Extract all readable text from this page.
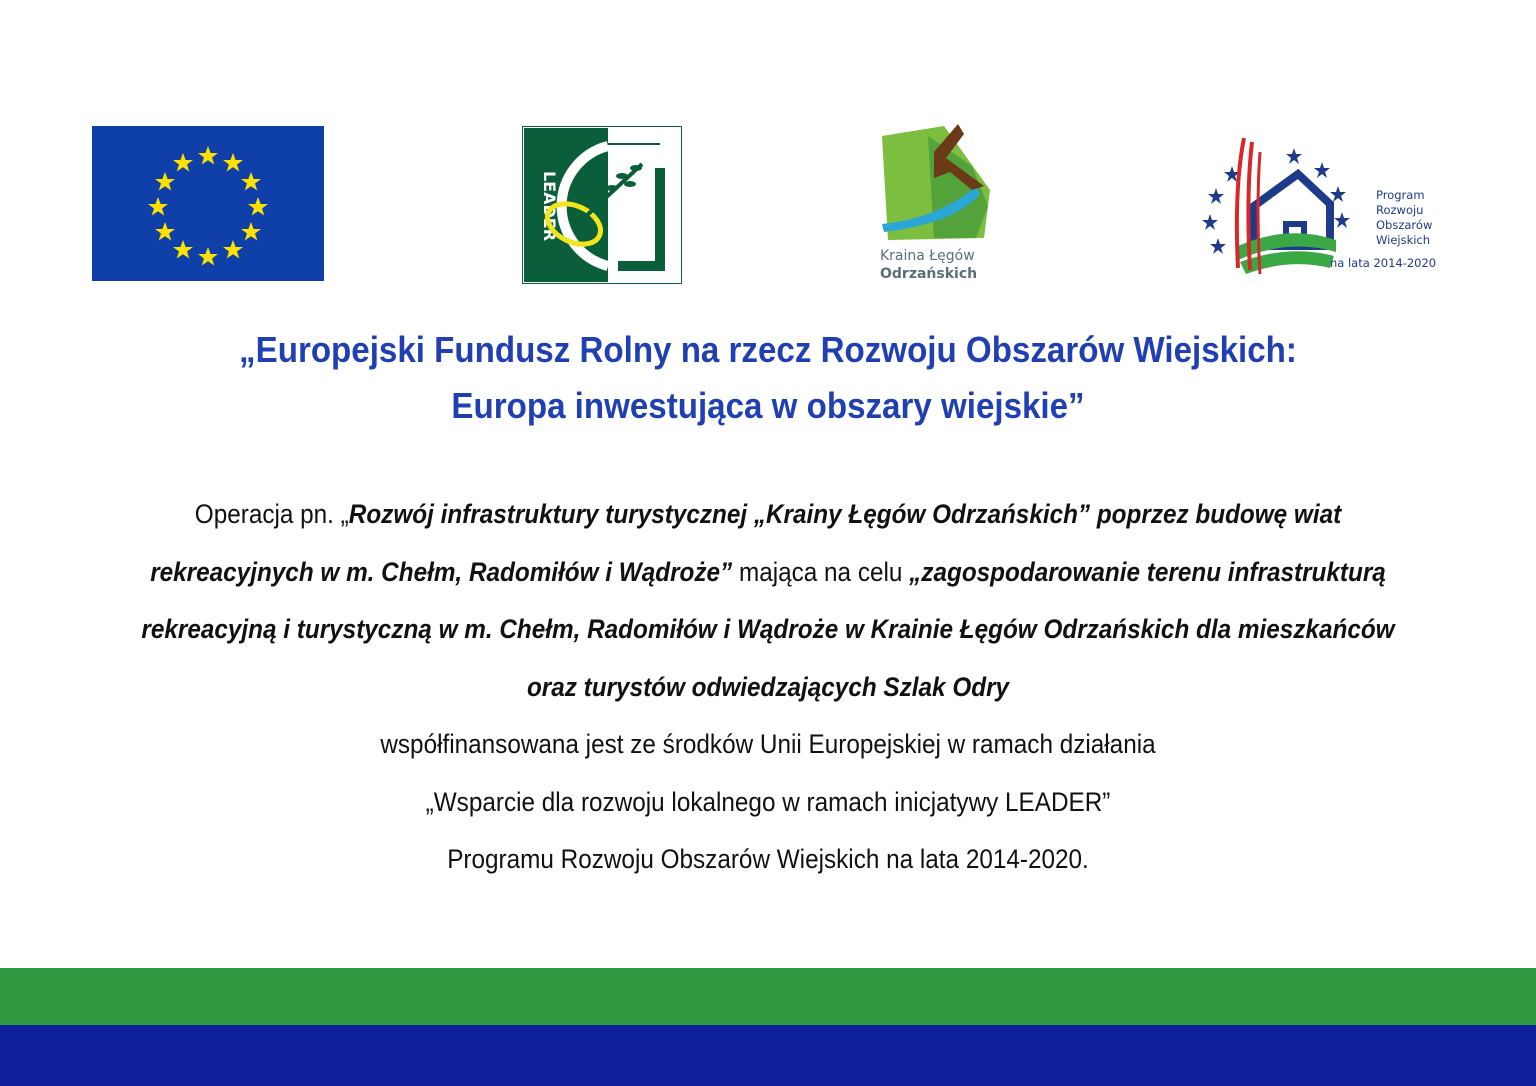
LEADER
Kraina Łęgów
Odrzańskich
Program
Rozwoju
Obszarów
Wiejskich
na lata 2014-2020
„Europejski Fundusz Rolny na rzecz Rozwoju Obszarów Wiejskich:
Europa inwestująca w obszary wiejskie”
Operacja pn. „Rozwój infrastruktury turystycznej „Krainy Łęgów Odrzańskich” poprzez budowę wiat rekreacyjnych w m. Chełm, Radomiłów i Wądroże” mająca na celu „zagospodarowanie terenu infrastrukturą rekreacyjną i turystyczną w m. Chełm, Radomiłów i Wądroże w Krainie Łęgów Odrzańskich dla mieszkańców oraz turystów odwiedzających Szlak Odry
współfinansowana jest ze środków Unii Europejskiej w ramach działania
„Wsparcie dla rozwoju lokalnego w ramach inicjatywy LEADER”
Programu Rozwoju Obszarów Wiejskich na lata 2014-2020.
